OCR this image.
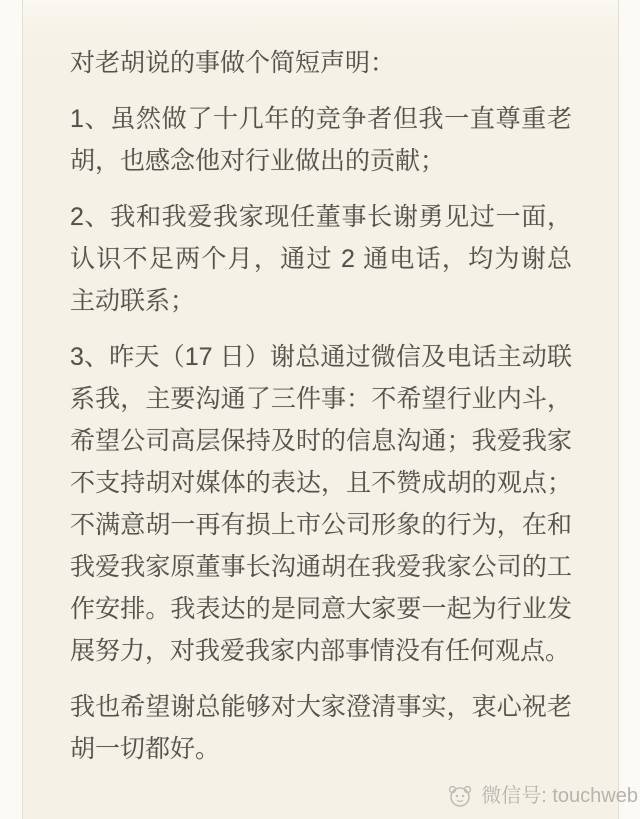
对老胡说的事做个简短声明：

1、虽然做了十几年的竞争者但我一直尊重老胡，也感念他对行业做出的贡献；

2、我和我爱我家现任董事长谢勇见过一面，认识不足两个月，通过 2 通电话，均为谢总主动联系；

3、昨天（17 日）谢总通过微信及电话主动联系我，主要沟通了三件事：不希望行业内斗，希望公司高层保持及时的信息沟通；我爱我家不支持胡对媒体的表达，且不赞成胡的观点；不满意胡一再有损上市公司形象的行为，在和我爱我家原董事长沟通胡在我爱我家公司的工作安排。我表达的是同意大家要一起为行业发展努力，对我爱我家内部事情没有任何观点。

我也希望谢总能够对大家澄清事实，衷心祝老胡一切都好。

微信号: touchweb
